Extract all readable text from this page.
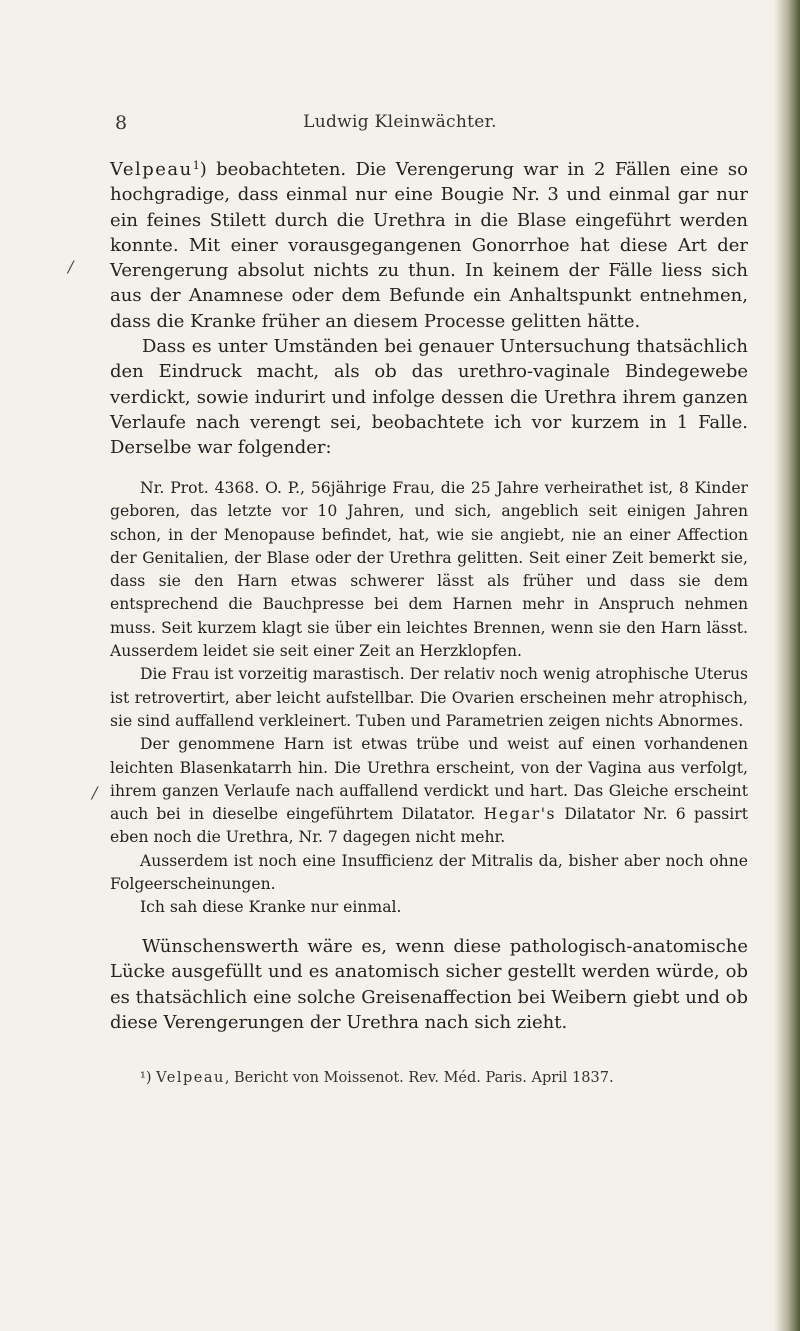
8	Ludwig Kleinwächter.

Velpeau$^1$) beobachteten. Die Verengerung war in 2 Fällen eine so hochgradige, dass einmal nur eine Bougie Nr. 3 und einmal gar nur ein feines Stilett durch die Urethra in die Blase eingeführt werden konnte. Mit einer vorausgegangenen Gonorrhoe hat diese Art der Verengerung absolut nichts zu thun. In keinem der Fälle liess sich aus der Anamnese oder dem Befunde ein Anhaltspunkt entnehmen, dass die Kranke früher an diesem Processe gelitten hätte.

Dass es unter Umständen bei genauer Untersuchung thatsächlich den Eindruck macht, als ob das urethro-vaginale Bindegewebe verdickt, sowie indurirt und infolge dessen die Urethra ihrem ganzen Verlaufe nach verengt sei, beobachtete ich vor kurzem in 1 Falle. Derselbe war folgender:

Nr. Prot. 4368. O. P., 56jährige Frau, die 25 Jahre verheirathet ist, 8 Kinder geboren, das letzte vor 10 Jahren, und sich, angeblich seit einigen Jahren schon, in der Menopause befindet, hat, wie sie angiebt, nie an einer Affection der Genitalien, der Blase oder der Urethra gelitten. Seit einer Zeit bemerkt sie, dass sie den Harn etwas schwerer lässt als früher und dass sie dem entsprechend die Bauchpresse bei dem Harnen mehr in Anspruch nehmen muss. Seit kurzem klagt sie über ein leichtes Brennen, wenn sie den Harn lässt. Ausserdem leidet sie seit einer Zeit an Herzklopfen.

Die Frau ist vorzeitig marastisch. Der relativ noch wenig atrophische Uterus ist retrovertirt, aber leicht aufstellbar. Die Ovarien erscheinen mehr atrophisch, sie sind auffallend verkleinert. Tuben und Parametrien zeigen nichts Abnormes.

Der genommene Harn ist etwas trübe und weist auf einen vorhandenen leichten Blasenkatarrh hin. Die Urethra erscheint, von der Vagina aus verfolgt, ihrem ganzen Verlaufe nach auffallend verdickt und hart. Das Gleiche erscheint auch bei in dieselbe eingeführtem Dilatator. Hegar's Dilatator Nr. 6 passirt eben noch die Urethra, Nr. 7 dagegen nicht mehr.

Ausserdem ist noch eine Insufficienz der Mitralis da, bisher aber noch ohne Folgeerscheinungen.

Ich sah diese Kranke nur einmal.

Wünschenswerth wäre es, wenn diese pathologisch-anatomische Lücke ausgefüllt und es anatomisch sicher gestellt werden würde, ob es thatsächlich eine solche Greisenaffection bei Weibern giebt und ob diese Verengerungen der Urethra nach sich zieht.

¹) Velpeau, Bericht von Moissenot. Rev. Méd. Paris. April 1837.
/
/
